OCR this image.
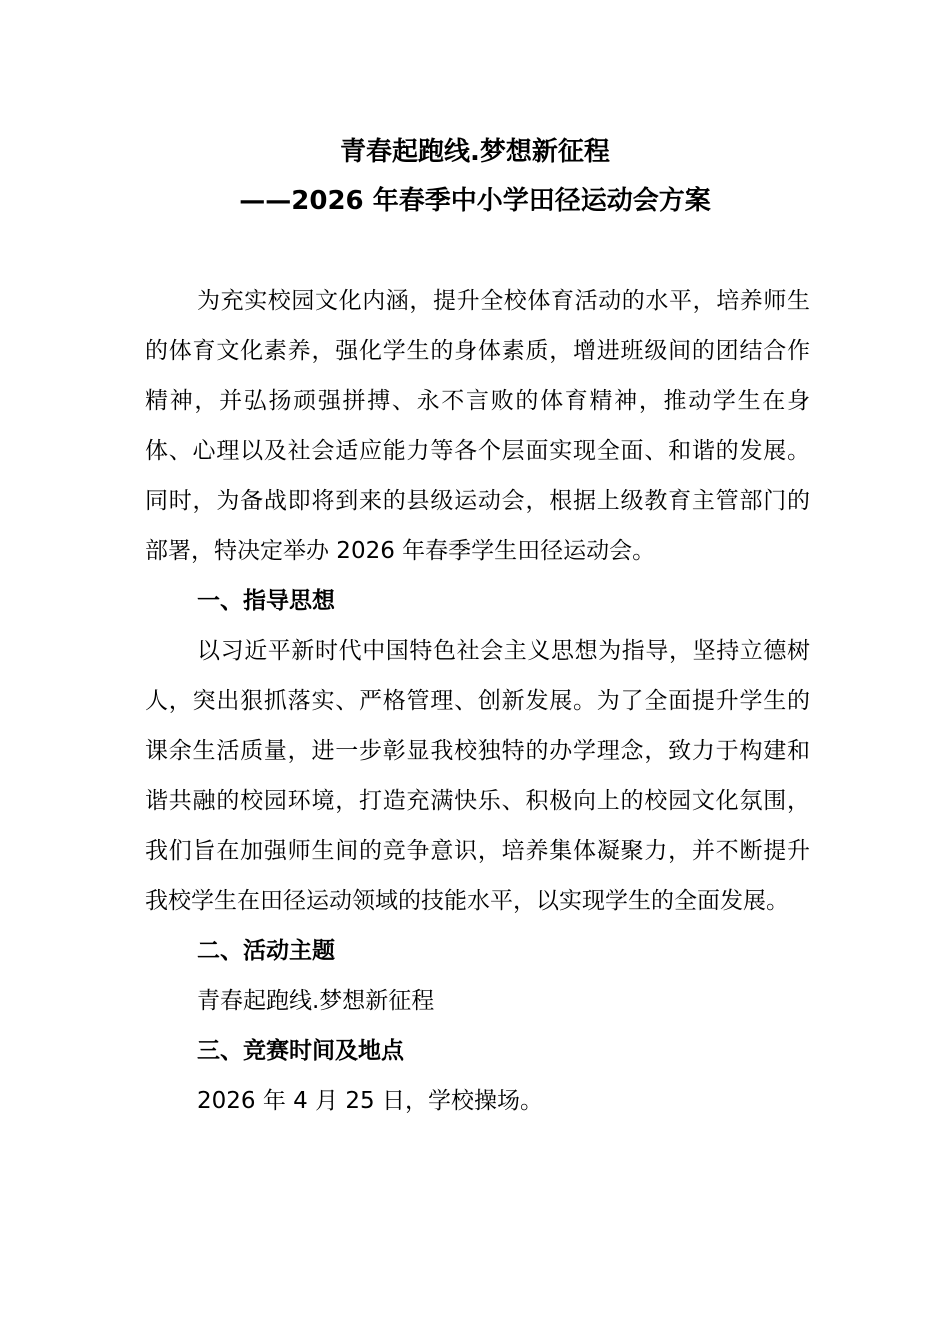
青春起跑线.梦想新征程
——2026 年春季中小学田径运动会方案

为充实校园文化内涵，提升全校体育活动的水平，培养师生的体育文化素养，强化学生的身体素质，增进班级间的团结合作精神，并弘扬顽强拼搏、永不言败的体育精神，推动学生在身体、心理以及社会适应能力等各个层面实现全面、和谐的发展。同时，为备战即将到来的县级运动会，根据上级教育主管部门的部署，特决定举办 2026 年春季学生田径运动会。

一、指导思想

以习近平新时代中国特色社会主义思想为指导，坚持立德树人，突出狠抓落实、严格管理、创新发展。为了全面提升学生的课余生活质量，进一步彰显我校独特的办学理念，致力于构建和谐共融的校园环境，打造充满快乐、积极向上的校园文化氛围，我们旨在加强师生间的竞争意识，培养集体凝聚力，并不断提升我校学生在田径运动领域的技能水平，以实现学生的全面发展。

二、活动主题

青春起跑线.梦想新征程

三、竞赛时间及地点

2026 年 4 月 25 日，学校操场。
